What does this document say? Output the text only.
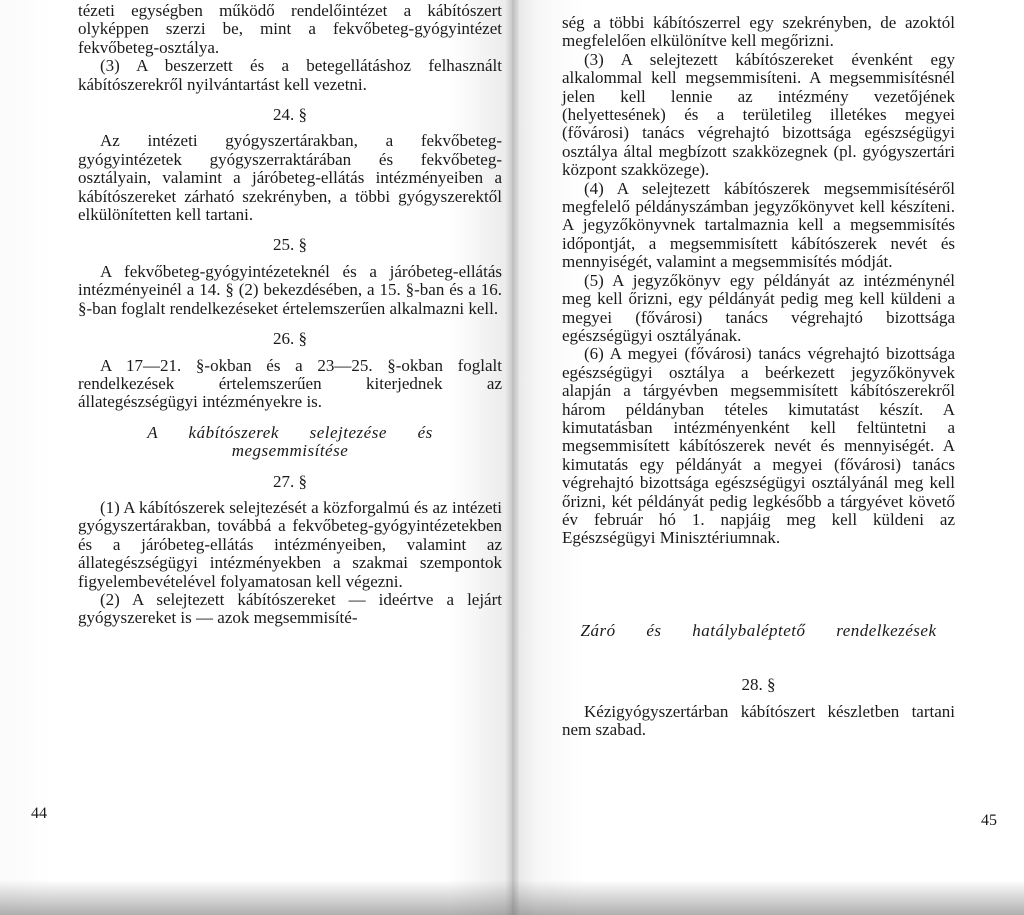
tézeti egységben működő rendelőintézet a kábítószert olyképpen szerzi be, mint a fekvőbeteg-gyógyintézet fekvőbeteg-osztálya.

(3) A beszerzett és a betegellátáshoz felhasznált kábítószerekről nyilvántartást kell vezetni.

24. §

Az intézeti gyógyszertárakban, a fekvőbeteg-gyógyintézetek gyógyszerraktárában és fekvőbeteg-osztályain, valamint a járóbeteg-ellátás intézményeiben a kábítószereket zárható szekrényben, a többi gyógyszerektől elkülönítetten kell tartani.

25. §

A fekvőbeteg-gyógyintézeteknél és a járóbeteg-ellátás intézményeinél a 14. § (2) bekezdésében, a 15. §-ban és a 16. §-ban foglalt rendelkezéseket értelemszerűen alkalmazni kell.

26. §

A 17—21. §-okban és a 23—25. §-okban foglalt rendelkezések értelemszerűen kiterjednek az állategészségügyi intézményekre is.

A kábítószerek selejtezése és megsemmisítése
27. §

(1) A kábítószerek selejtezését a közforgalmú és az intézeti gyógyszertárakban, továbbá a fekvőbeteg-gyógyintézetekben és a járóbeteg-ellátás intézményeiben, valamint az állategészségügyi intézményekben a szakmai szempontok figyelembevételével folyamatosan kell végezni.

(2) A selejtezett kábítószereket — ideértve a lejárt gyógyszereket is — azok megsemmisíté-

44

ség a többi kábítószerrel egy szekrényben, de azoktól megfelelően elkülönítve kell megőrizni.

(3) A selejtezett kábítószereket évenként egy alkalommal kell megsemmisíteni. A megsemmisítésnél jelen kell lennie az intézmény vezetőjének (helyettesének) és a területileg illetékes megyei (fővárosi) tanács végrehajtó bizottsága egészségügyi osztálya által megbízott szakközegnek (pl. gyógyszertári központ szakközege).

(4) A selejtezett kábítószerek megsemmisítéséről megfelelő példányszámban jegyzőkönyvet kell készíteni. A jegyzőkönyvnek tartalmaznia kell a megsemmisítés időpontját, a megsemmisített kábítószerek nevét és mennyiségét, valamint a megsemmisítés módját.

(5) A jegyzőkönyv egy példányát az intézménynél meg kell őrizni, egy példányát pedig meg kell küldeni a megyei (fővárosi) tanács végrehajtó bizottsága egészségügyi osztályának.

(6) A megyei (fővárosi) tanács végrehajtó bizottsága egészségügyi osztálya a beérkezett jegyzőkönyvek alapján a tárgyévben megsemmisített kábítószerekről három példányban tételes kimutatást készít. A kimutatásban intézményenként kell feltüntetni a megsemmisített kábítószerek nevét és mennyiségét. A kimutatás egy példányát a megyei (fővárosi) tanács végrehajtó bizottsága egészségügyi osztályánál meg kell őrizni, két példányát pedig legkésőbb a tárgyévet követő év február hó 1. napjáig meg kell küldeni az Egészségügyi Minisztériumnak.

Záró és hatálybaléptető rendelkezések
28. §

Kézigyógyszertárban kábítószert készletben tartani nem szabad.

45
